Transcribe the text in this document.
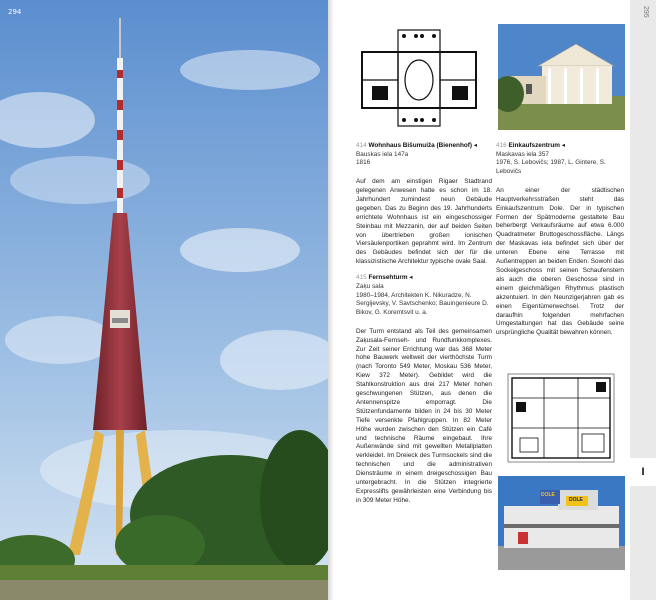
294

414 Wohnhaus Bišumuiža (Bienenhof) ◂
Bauskas iela 147a
1816

Auf dem am einstigen Rigaer Stadtrand gelegenen Anwesen hatte es schon im 18. Jahrhundert zumindest neun Gebäude gegeben. Das zu Beginn des 19. Jahrhunderts errichtete Wohnhaus ist ein eingeschossiger Steinbau mit Mezzanin, der auf beiden Seiten von übertrieben großen ionischen Viersäulenportiken geprahmt wird. Im Zentrum des Gebäudes befindet sich der für die klassizistische Architektur typische ovale Saal.

415 Fernsehturm ◂
Zaķu sala
1980–1984, Architekten K. Nikuradze, N. Sergijevsky, V. Savtschenko; Bauingenieure D. Bikov, G. Koremtsvit u. a.

Der Turm entstand als Teil des gemeinsamen Zaķusala-Fernseh- und Rundfunkkomplexes. Zur Zeit seiner Errichtung war das 368 Meter hohe Bauwerk weltweit der vierthöchste Turm (nach Toronto 549 Meter, Moskau 536 Meter, Kiew 372 Meter). Gebildet wird die Stahlkonstruktion aus drei 217 Meter hohen geschwungenen Stützen, aus denen die Antennenspitze emporragt. Die Stützenfundamente bilden in 24 bis 30 Meter Tiefe versenkte Pfahlgruppen. In 82 Meter Höhe wurden zwischen den Stützen ein Café und technische Räume eingebaut. Ihre Außenwände sind mit gewellten Metallplatten verkleidet. Im Dreieck des Turmsockels sind die technischen und die administrativen Diensträume in einem dreigeschossigen Bau untergebracht. In die Stützen integrierte Expresslifts gewährleisten eine Verbindung bis in 309 Meter Höhe.

416 Einkaufszentrum ◂
Maskavas iela 357
1976, S. Lebovičs; 1987, L. Gintere, S. Lebovičs

An einer der städtischen Hauptverkehrsstraßen steht das Einkaufszentrum Dole. Der in typischen Formen der Spätmoderne gestaltete Bau beherbergt Verkaufsräume auf etwa 6.000 Quadratmeter Bruttogeschossfläche. Längs der Maskavas iela befindet sich über der unteren Ebene eine Terrasse mit Außentreppen an beiden Enden. Sowohl das Sockelgeschoss mit seinen Schaufenstern als auch die oberen Geschosse sind in einem gleichmäßigen Rhythmus plastisch akzentuiert. In den Neunzigerjahren gab es einen Eigentümerwechsel. Trotz der daraufhin folgenden mehrfachen Umgestaltungen hat das Gebäude seine ursprüngliche Qualität bewahren können.

DOLE
DOLE
295
I
